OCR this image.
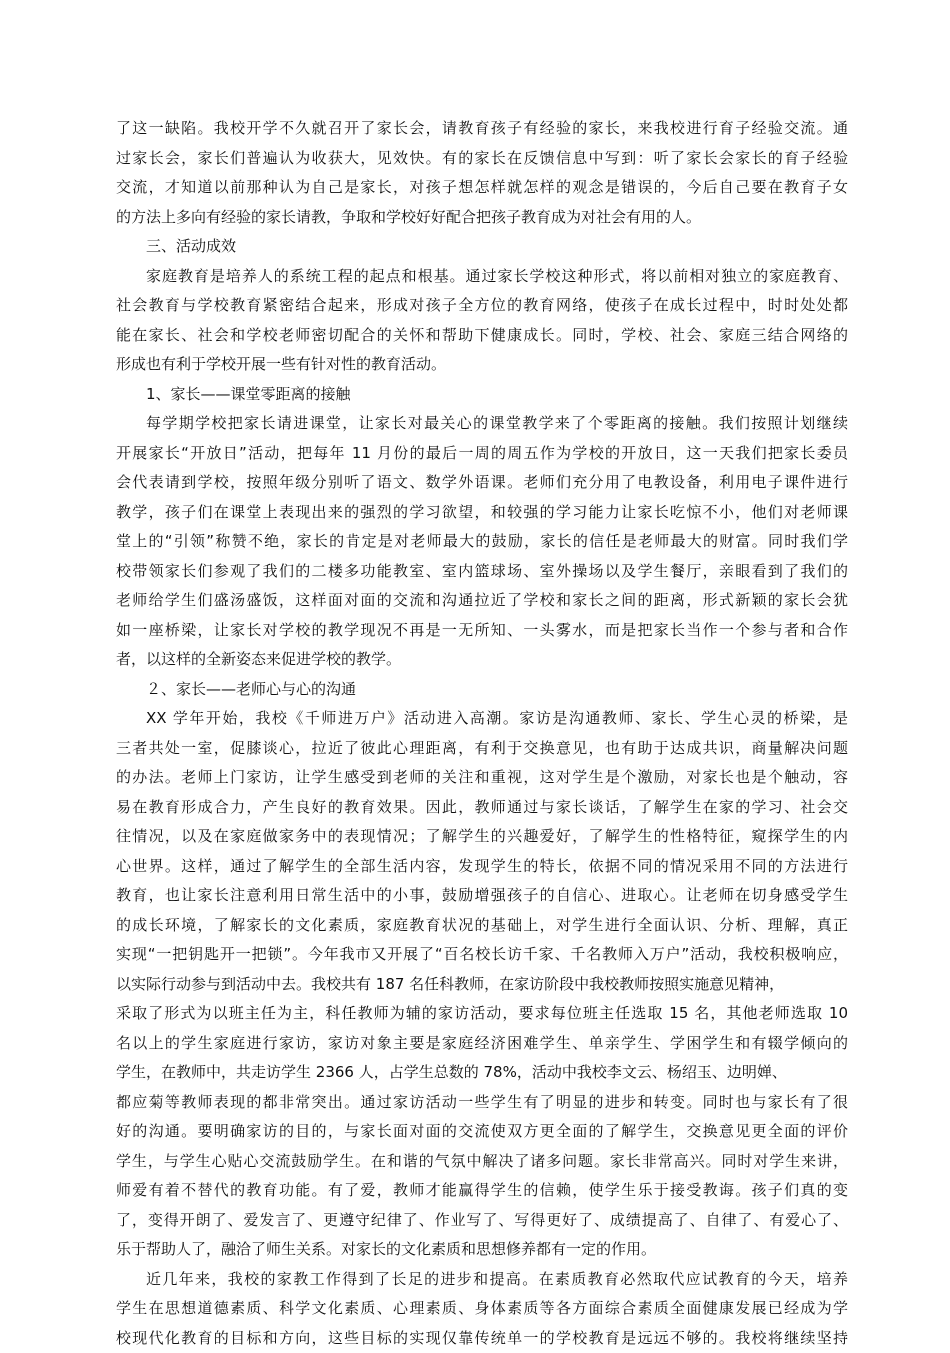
了这一缺陷。我校开学不久就召开了家长会，请教育孩子有经验的家长，来我校进行育子经验交流。通
过家长会，家长们普遍认为收获大，见效快。有的家长在反馈信息中写到：听了家长会家长的育子经验
交流，才知道以前那种认为自己是家长，对孩子想怎样就怎样的观念是错误的，今后自己要在教育子女
的方法上多向有经验的家长请教，争取和学校好好配合把孩子教育成为对社会有用的人。
三、活动成效
家庭教育是培养人的系统工程的起点和根基。通过家长学校这种形式，将以前相对独立的家庭教育、
社会教育与学校教育紧密结合起来，形成对孩子全方位的教育网络，使孩子在成长过程中，时时处处都
能在家长、社会和学校老师密切配合的关怀和帮助下健康成长。同时，学校、社会、家庭三结合网络的
形成也有利于学校开展一些有针对性的教育活动。
1、家长——课堂零距离的接触
每学期学校把家长请进课堂，让家长对最关心的课堂教学来了个零距离的接触。我们按照计划继续
开展家长“开放日”活动，把每年 11 月份的最后一周的周五作为学校的开放日，这一天我们把家长委员
会代表请到学校，按照年级分别听了语文、数学外语课。老师们充分用了电教设备，利用电子课件进行
教学，孩子们在课堂上表现出来的强烈的学习欲望，和较强的学习能力让家长吃惊不小，他们对老师课
堂上的“引领”称赞不绝，家长的肯定是对老师最大的鼓励，家长的信任是老师最大的财富。同时我们学
校带领家长们参观了我们的二楼多功能教室、室内篮球场、室外操场以及学生餐厅，亲眼看到了我们的
老师给学生们盛汤盛饭，这样面对面的交流和沟通拉近了学校和家长之间的距离，形式新颖的家长会犹
如一座桥梁，让家长对学校的教学现况不再是一无所知、一头雾水，而是把家长当作一个参与者和合作
者，以这样的全新姿态来促进学校的教学。
２、家长——老师心与心的沟通
XX 学年开始，我校《千师进万户》活动进入高潮。家访是沟通教师、家长、学生心灵的桥梁，是
三者共处一室，促膝谈心，拉近了彼此心理距离，有利于交换意见，也有助于达成共识，商量解决问题
的办法。老师上门家访，让学生感受到老师的关注和重视，这对学生是个激励，对家长也是个触动，容
易在教育形成合力，产生良好的教育效果。因此，教师通过与家长谈话，了解学生在家的学习、社会交
往情况，以及在家庭做家务中的表现情况；了解学生的兴趣爱好，了解学生的性格特征，窥探学生的内
心世界。这样，通过了解学生的全部生活内容，发现学生的特长，依据不同的情况采用不同的方法进行
教育，也让家长注意利用日常生活中的小事，鼓励增强孩子的自信心、进取心。让老师在切身感受学生
的成长环境，了解家长的文化素质，家庭教育状况的基础上，对学生进行全面认识、分析、理解，真正
实现“一把钥匙开一把锁”。今年我市又开展了“百名校长访千家、千名教师入万户”活动，我校积极响应，
以实际行动参与到活动中去。我校共有 187 名任科教师，在家访阶段中我校教师按照实施意见精神，
采取了形式为以班主任为主，科任教师为辅的家访活动，要求每位班主任选取 15 名，其他老师选取 10
名以上的学生家庭进行家访，家访对象主要是家庭经济困难学生、单亲学生、学困学生和有辍学倾向的
学生，在教师中，共走访学生 2366 人，占学生总数的 78%，活动中我校李文云、杨绍玉、边明婵、
都应菊等教师表现的都非常突出。通过家访活动一些学生有了明显的进步和转变。同时也与家长有了很
好的沟通。要明确家访的目的，与家长面对面的交流使双方更全面的了解学生，交换意见更全面的评价
学生，与学生心贴心交流鼓励学生。在和谐的气氛中解决了诸多问题。家长非常高兴。同时对学生来讲，
师爱有着不替代的教育功能。有了爱，教师才能赢得学生的信赖，使学生乐于接受教诲。孩子们真的变
了，变得开朗了、爱发言了、更遵守纪律了、作业写了、写得更好了、成绩提高了、自律了、有爱心了、
乐于帮助人了，融洽了师生关系。对家长的文化素质和思想修养都有一定的作用。
近几年来，我校的家教工作得到了长足的进步和提高。在素质教育必然取代应试教育的今天，培养
学生在思想道德素质、科学文化素质、心理素质、身体素质等各方面综合素质全面健康发展已经成为学
校现代化教育的目标和方向，这些目标的实现仅靠传统单一的学校教育是远远不够的。我校将继续坚持
